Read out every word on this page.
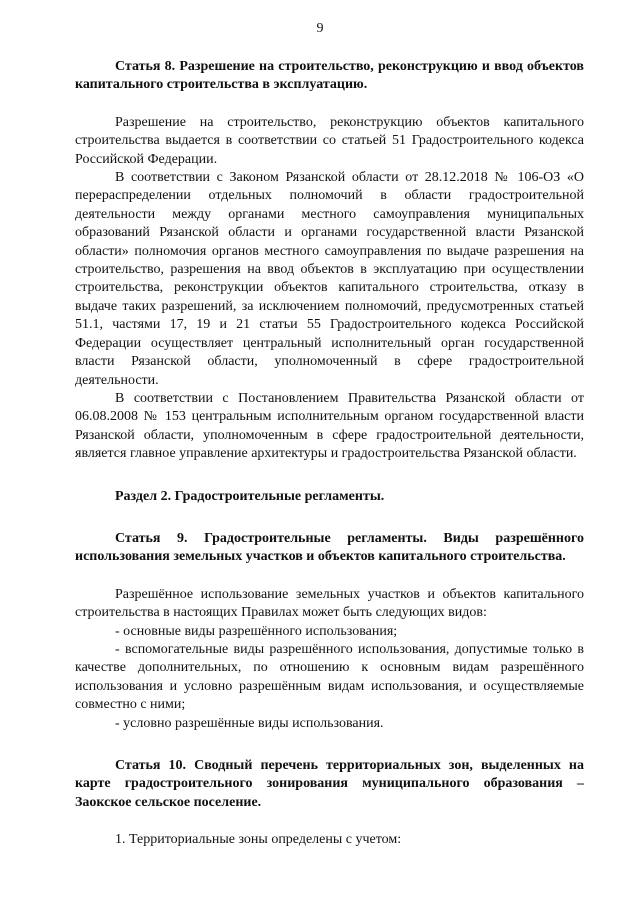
9

Статья 8. Разрешение на строительство, реконструкцию и ввод объектов капитального строительства в эксплуатацию.

Разрешение на строительство, реконструкцию объектов капитального строительства выдается в соответствии со статьей 51 Градостроительного кодекса Российской Федерации.

В соответствии с Законом Рязанской области от 28.12.2018 № 106-ОЗ «О перераспределении отдельных полномочий в области градостроительной деятельности между органами местного самоуправления муниципальных образований Рязанской области и органами государственной власти Рязанской области» полномочия органов местного самоуправления по выдаче разрешения на строительство, разрешения на ввод объектов в эксплуатацию при осуществлении строительства, реконструкции объектов капитального строительства, отказу в выдаче таких разрешений, за исключением полномочий, предусмотренных статьей 51.1, частями 17, 19 и 21 статьи 55 Градостроительного кодекса Российской Федерации осуществляет центральный исполнительный орган государственной власти Рязанской области, уполномоченный в сфере градостроительной деятельности.

В соответствии с Постановлением Правительства Рязанской области от 06.08.2008 № 153 центральным исполнительным органом государственной власти Рязанской области, уполномоченным в сфере градостроительной деятельности, является главное управление архитектуры и градостроительства Рязанской области.

Раздел 2. Градостроительные регламенты.

Статья 9. Градостроительные регламенты. Виды разрешённого использования земельных участков и объектов капитального строительства.

Разрешённое использование земельных участков и объектов капитального строительства в настоящих Правилах может быть следующих видов:

- основные виды разрешённого использования;

- вспомогательные виды разрешённого использования, допустимые только в качестве дополнительных, по отношению к основным видам разрешённого использования и условно разрешённым видам использования, и осуществляемые совместно с ними;

- условно разрешённые виды использования.

Статья 10. Сводный перечень территориальных зон, выделенных на карте градостроительного зонирования муниципального образования – Заокское сельское поселение.

1. Территориальные зоны определены с учетом:
